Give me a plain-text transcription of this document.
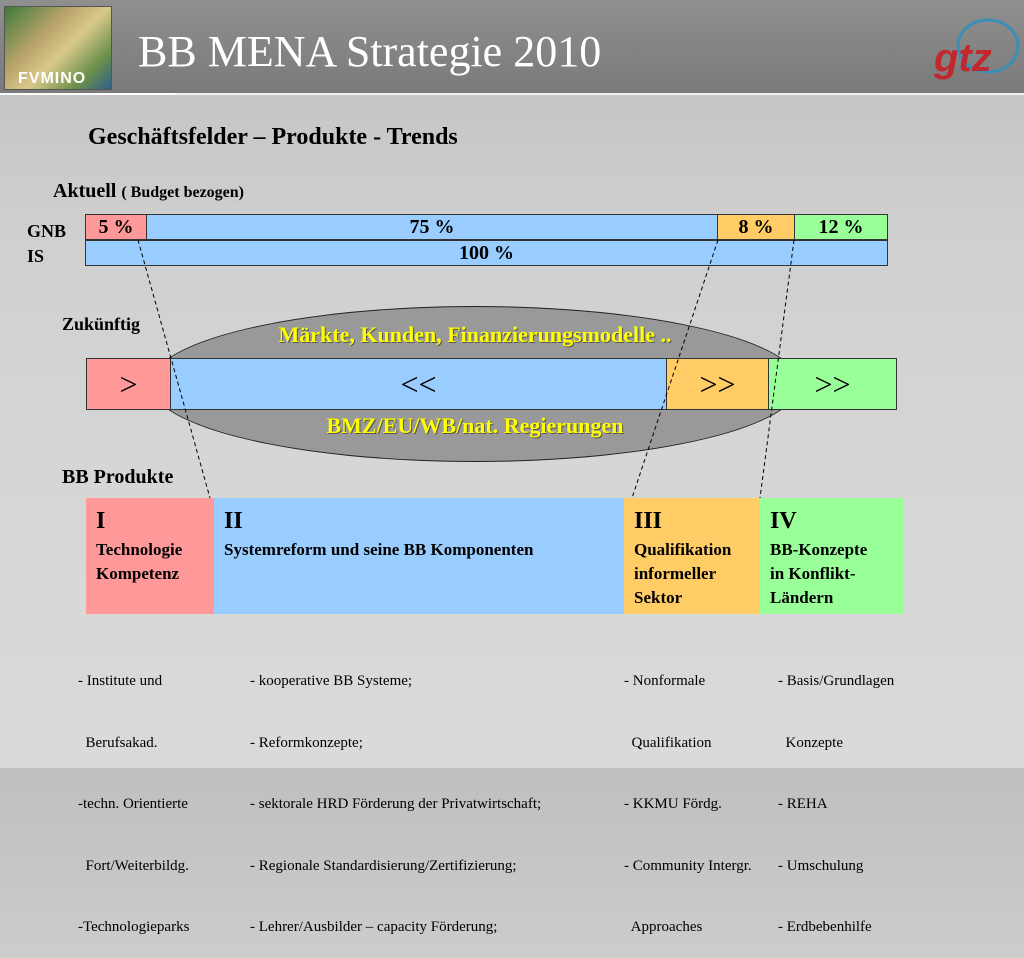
FVMINO
BB MENA Strategie 2010	gtz
Geschäftsfelder – Produkte - Trends
Aktuell ( Budget bezogen)
GNB
IS
5 %	75 %	8 %	12 %
100 %
Zukünftig
>	<<	>>	>>
Märkte, Kunden, Finanzierungsmodelle ..
BMZ/EU/WB/nat. Regierungen
BB Produkte
I
Technologie
Kompetenz
II
Systemreform und seine BB Komponenten
III
Qualifikation
informeller
Sektor
IV
BB-Konzepte
in Konflikt-
Ländern

- Institute und

Berufsakad.

-techn. Orientierte

Fort/Weiterbildg.

-Technologieparks

- kooperative BB Systeme;

- Reformkonzepte;

- sektorale HRD Förderung der Privatwirtschaft;

- Regionale Standardisierung/Zertifizierung;

- Lehrer/Ausbilder – capacity Förderung;

- Nonformale

Qualifikation

- KKMU Fördg.

- Community Intergr.

Approaches

- Basis/Grundlagen

Konzepte

- REHA

- Umschulung

- Erdbebenhilfe
